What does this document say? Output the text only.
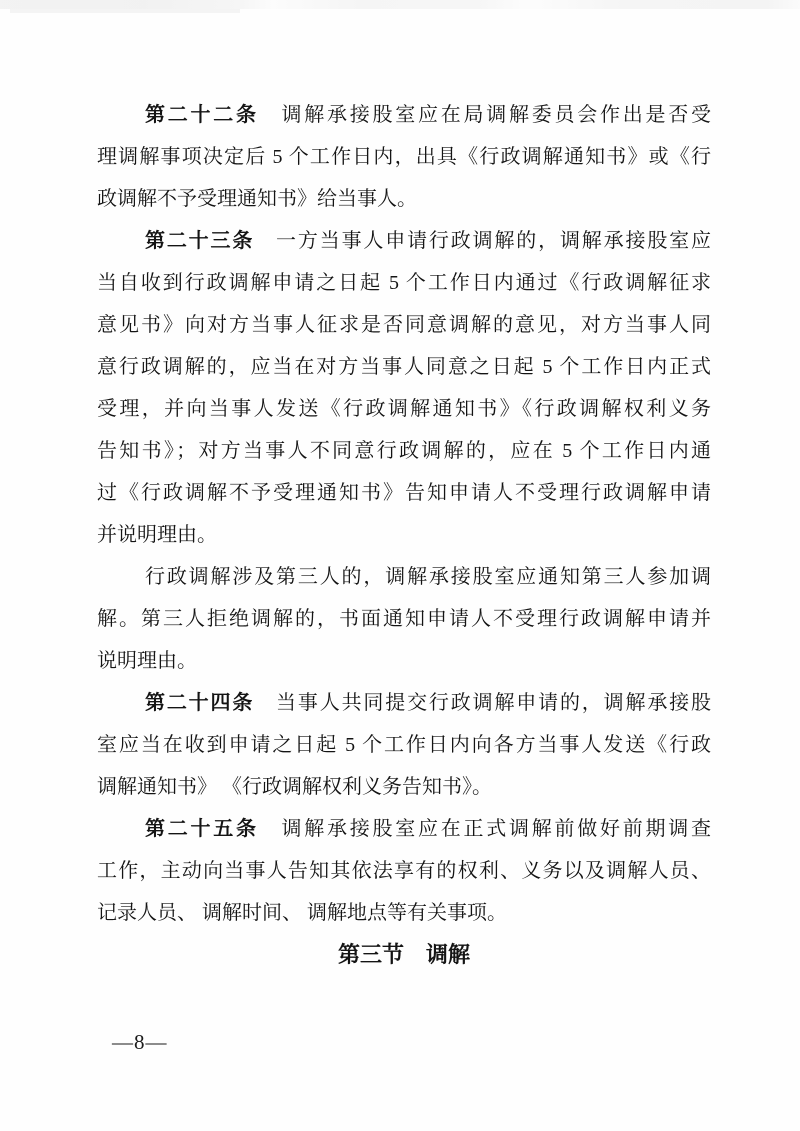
第二十二条　调解承接股室应在局调解委员会作出是否受
理调解事项决定后 5 个工作日内，出具《行政调解通知书》或《行
政调解不予受理通知书》给当事人。
第二十三条　一方当事人申请行政调解的，调解承接股室应
当自收到行政调解申请之日起 5 个工作日内通过《行政调解征求
意见书》向对方当事人征求是否同意调解的意见，对方当事人同
意行政调解的，应当在对方当事人同意之日起 5 个工作日内正式
受理，并向当事人发送《行政调解通知书》《行政调解权利义务
告知书》；对方当事人不同意行政调解的，应在 5 个工作日内通
过《行政调解不予受理通知书》告知申请人不受理行政调解申请
并说明理由。
行政调解涉及第三人的，调解承接股室应通知第三人参加调
解。第三人拒绝调解的，书面通知申请人不受理行政调解申请并
说明理由。
第二十四条　当事人共同提交行政调解申请的，调解承接股
室应当在收到申请之日起 5 个工作日内向各方当事人发送《行政
调解通知书》 《行政调解权利义务告知书》。
第二十五条　调解承接股室应在正式调解前做好前期调查
工作，主动向当事人告知其依法享有的权利、义务以及调解人员、
记录人员、 调解时间、 调解地点等有关事项。
第三节　调解
—8—
